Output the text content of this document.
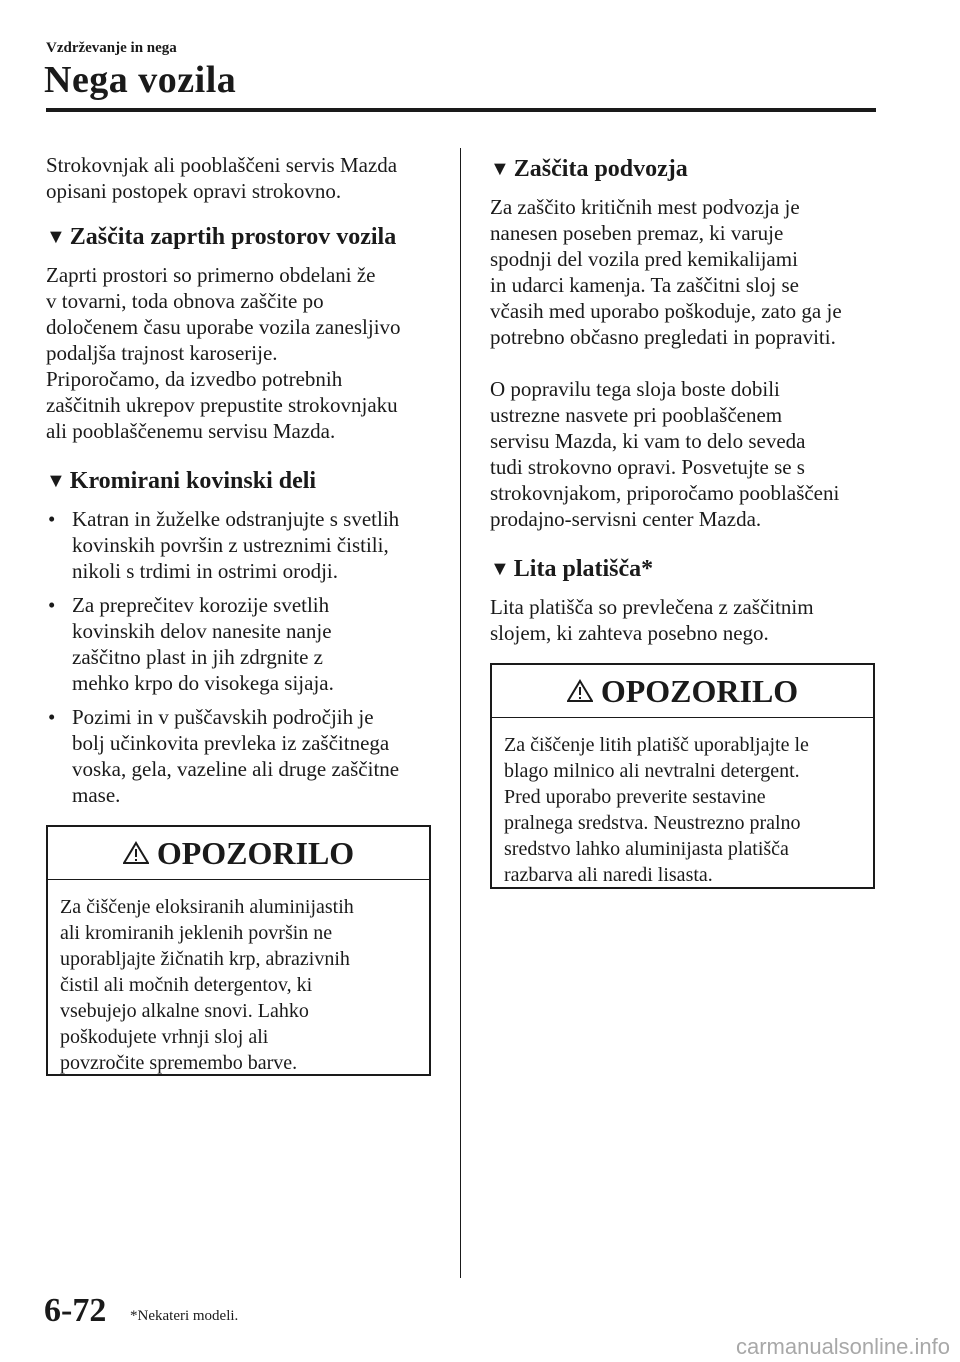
Vzdrževanje in nega
Nega vozila

Strokovnjak ali pooblaščeni servis Mazda

opisani postopek opravi strokovno.

▼ Zaščita zaprtih prostorov vozila

Zaprti prostori so primerno obdelani že

v tovarni, toda obnova zaščite po

določenem času uporabe vozila zanesljivo

podaljša trajnost karoserije.

Priporočamo, da izvedbo potrebnih

zaščitnih ukrepov prepustite strokovnjaku

ali pooblaščenemu servisu Mazda.

▼ Kromirani kovinski deli
• Katran in žuželke odstranjujte s svetlih
kovinskih površin z ustreznimi čistili,
nikoli s trdimi in ostrimi orodji.
• Za preprečitev korozije svetlih
kovinskih delov nanesite nanje
zaščitno plast in jih zdrgnite z
mehko krpo do visokega sijaja.
• Pozimi in v puščavskih področjih je
bolj učinkovita prevleka iz zaščitnega
voska, gela, vazeline ali druge zaščitne
mase.
OPOZORILO

Za čiščenje eloksiranih aluminijastih

ali kromiranih jeklenih površin ne

uporabljajte žičnatih krp, abrazivnih

čistil ali močnih detergentov, ki

vsebujejo alkalne snovi. Lahko

poškodujete vrhnji sloj ali

povzročite spremembo barve.

▼ Zaščita podvozja

Za zaščito kritičnih mest podvozja je

nanesen poseben premaz, ki varuje

spodnji del vozila pred kemikalijami

in udarci kamenja. Ta zaščitni sloj se

včasih med uporabo poškoduje, zato ga je

potrebno občasno pregledati in popraviti.

O popravilu tega sloja boste dobili

ustrezne nasvete pri pooblaščenem

servisu Mazda, ki vam to delo seveda

tudi strokovno opravi. Posvetujte se s

strokovnjakom, priporočamo pooblaščeni

prodajno-servisni center Mazda.

▼ Lita platišča*

Lita platišča so prevlečena z zaščitnim

slojem, ki zahteva posebno nego.

OPOZORILO

Za čiščenje litih platišč uporabljajte le

blago milnico ali nevtralni detergent.

Pred uporabo preverite sestavine

pralnega sredstva. Neustrezno pralno

sredstvo lahko aluminijasta platišča

razbarva ali naredi lisasta.

6-72 *Nekateri modeli.
carmanualsonline.info
